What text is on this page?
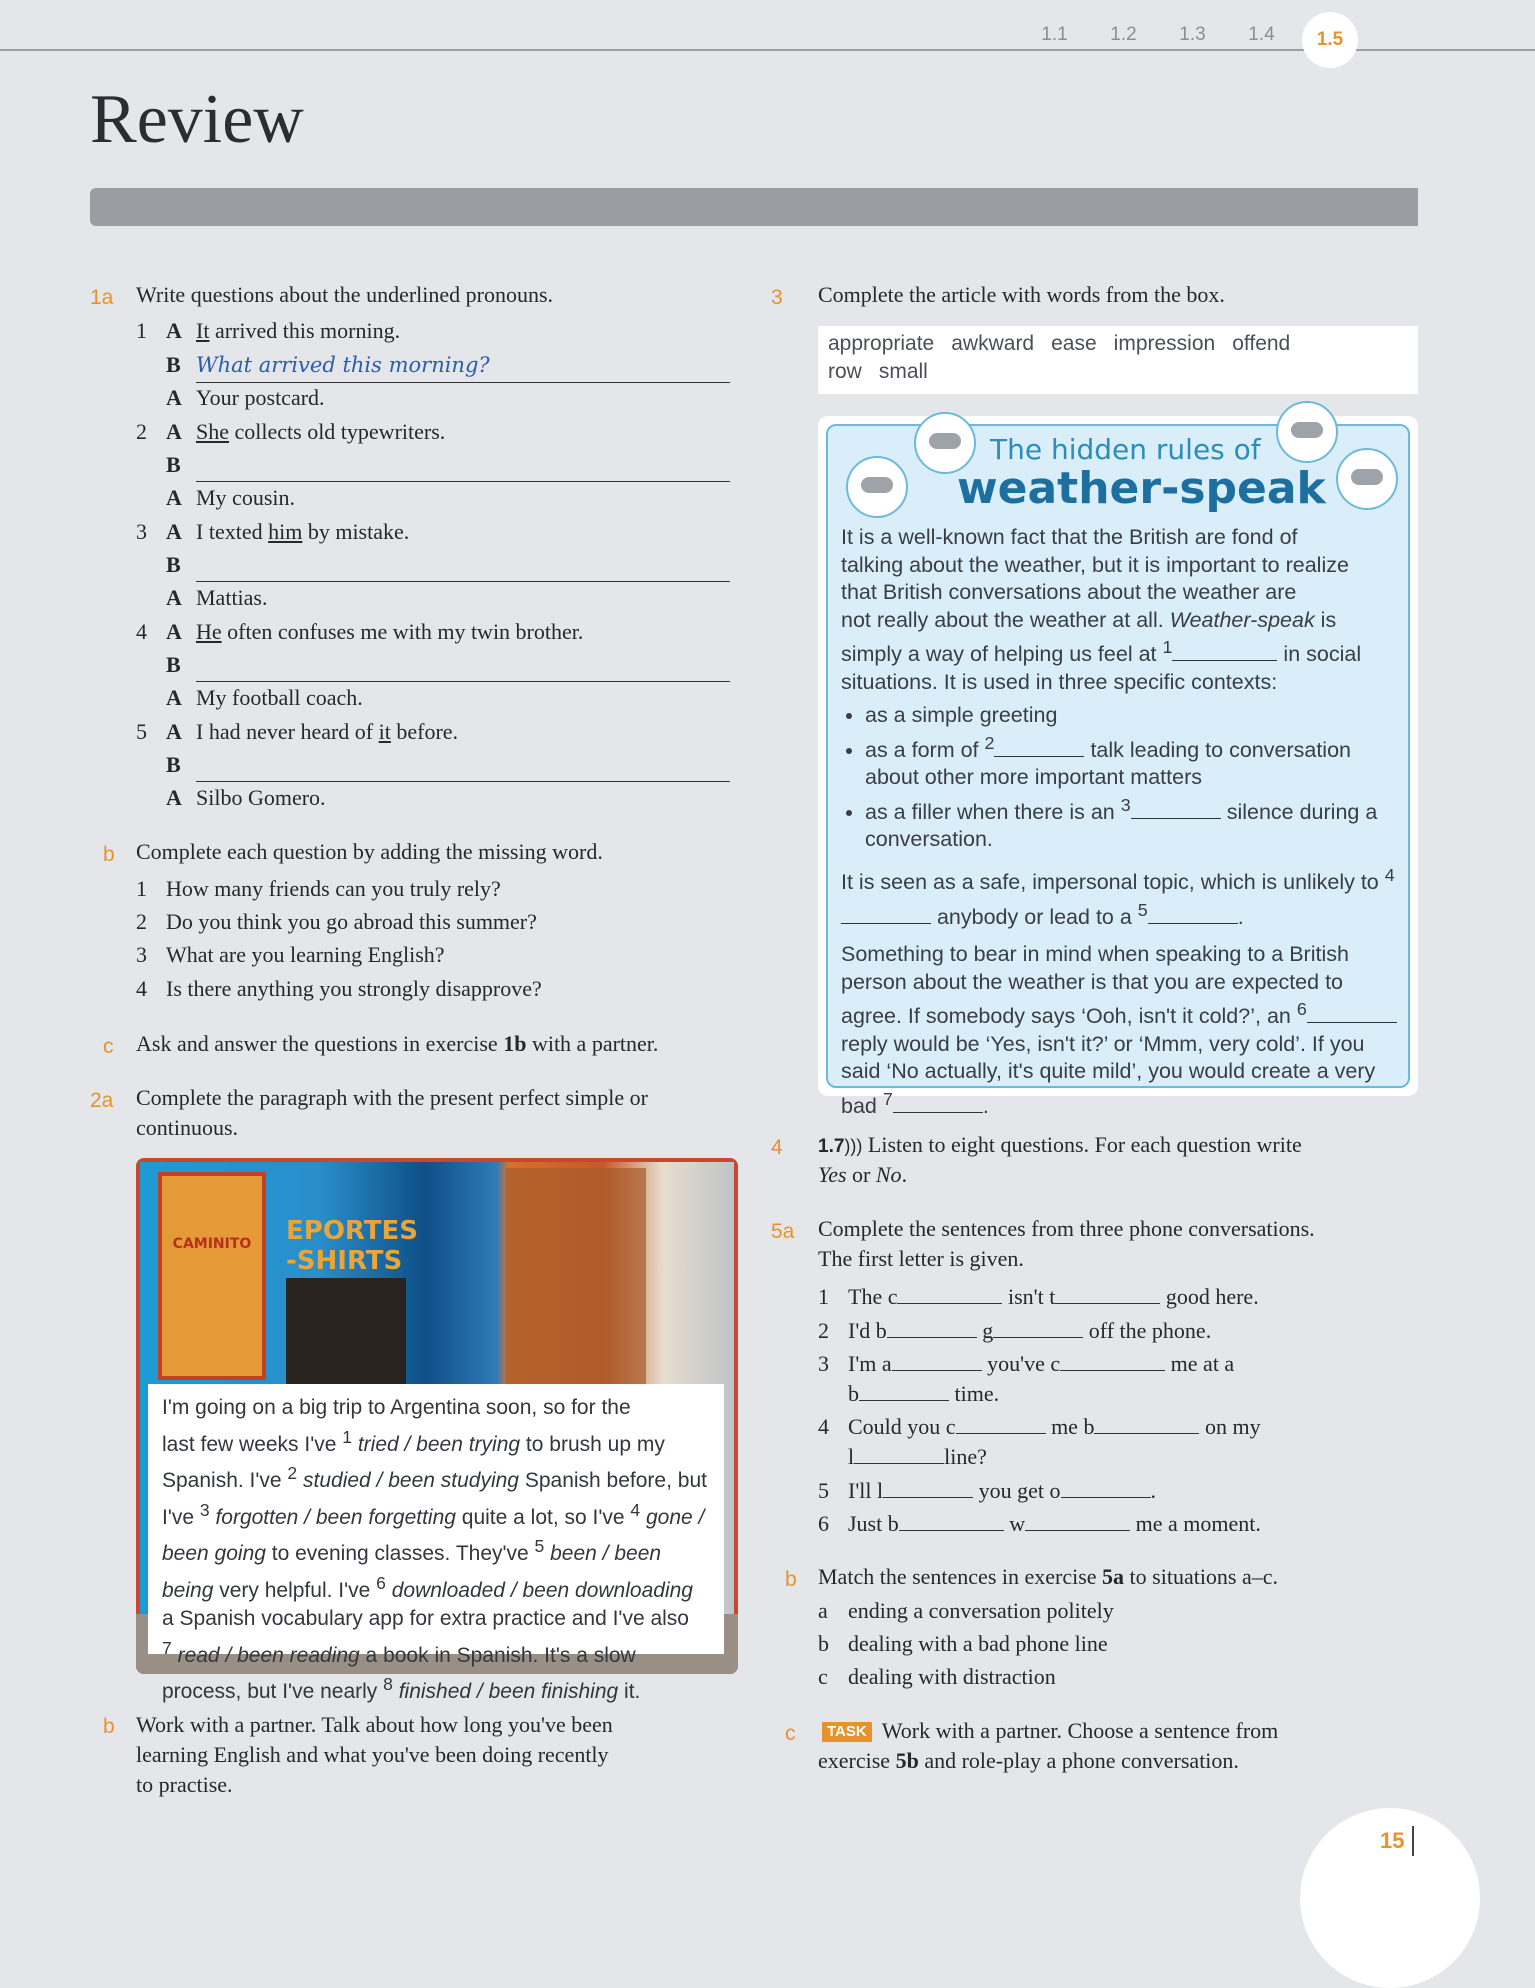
1.1	1.2	1.3	1.4	1.5
Review
1a Write questions about the underlined pronouns.
1 A It arrived this morning.
B What arrived this morning?
A Your postcard.
2 A She collects old typewriters.
B
A My cousin.
3 A I texted him by mistake.
B
A Mattias.
4 A He often confuses me with my twin brother.
B
A My football coach.
5 A I had never heard of it before.
B
A Silbo Gomero.
b Complete each question by adding the missing word.
1 How many friends can you truly rely?
2 Do you think you go abroad this summer?
3 What are you learning English?
4 Is there anything you strongly disapprove?
c Ask and answer the questions in exercise 1b with a partner.
2a Complete the paragraph with the present perfect simple or
continuous.
CAMINITO	EPORTES
-SHIRTS
I'm going on a big trip to Argentina soon, so for the
last few weeks I've $^1$ tried / been trying to brush up my
Spanish. I've $^2$ studied / been studying Spanish before, but
I've $^3$ forgotten / been forgetting quite a lot, so I've $^4$ gone /
been going to evening classes. They've $^5$ been / been
being very helpful. I've $^6$ downloaded / been downloading
a Spanish vocabulary app for extra practice and I've also
$^7$ read / been reading a book in Spanish. It's a slow
process, but I've nearly $^8$ finished / been finishing it.
b Work with a partner. Talk about how long you've been
learning English and what you've been doing recently
to practise.
3 Complete the article with words from the box.
appropriate awkward ease impression offend
row small
The hidden rules of
weather-speak

It is a well-known fact that the British are fond of

talking about the weather, but it is important to realize

that British conversations about the weather are

not really about the weather at all. Weather-speak is

simply a way of helping us feel at $^1$	in social

situations. It is used in three specific contexts:

• as a simple greeting
• as a form of $^2$	talk leading to conversation about other more important matters
• as a filler when there is an $^3$	silence during a conversation.

It is seen as a safe, impersonal topic, which is unlikely to $^4$ anybody or lead to a $^5$	.

Something to bear in mind when speaking to a British person about the weather is that you are expected to agree. If somebody says ‘Ooh, isn't it cold?’, an $^6$ reply would be ‘Yes, isn't it?’ or ‘Mmm, very cold’. If you said ‘No actually, it's quite mild’, you would create a very bad $^7$	.

4 1.7))) Listen to eight questions. For each question write
Yes or No.
5a Complete the sentences from three phone conversations.
The first letter is given.
1 The c	isn't t	good here.
2 I'd b	g	off the phone.
3 I'm a	you've c	me at a
b	time.
4 Could you c	me b	on my
l	line?
5 I'll l	you get o	.
6 Just b	w	me a moment.
b Match the sentences in exercise 5a to situations a–c.
a ending a conversation politely
b dealing with a bad phone line
c dealing with distraction
c	TASK Work with a partner. Choose a sentence from
exercise 5b and role-play a phone conversation.
15
